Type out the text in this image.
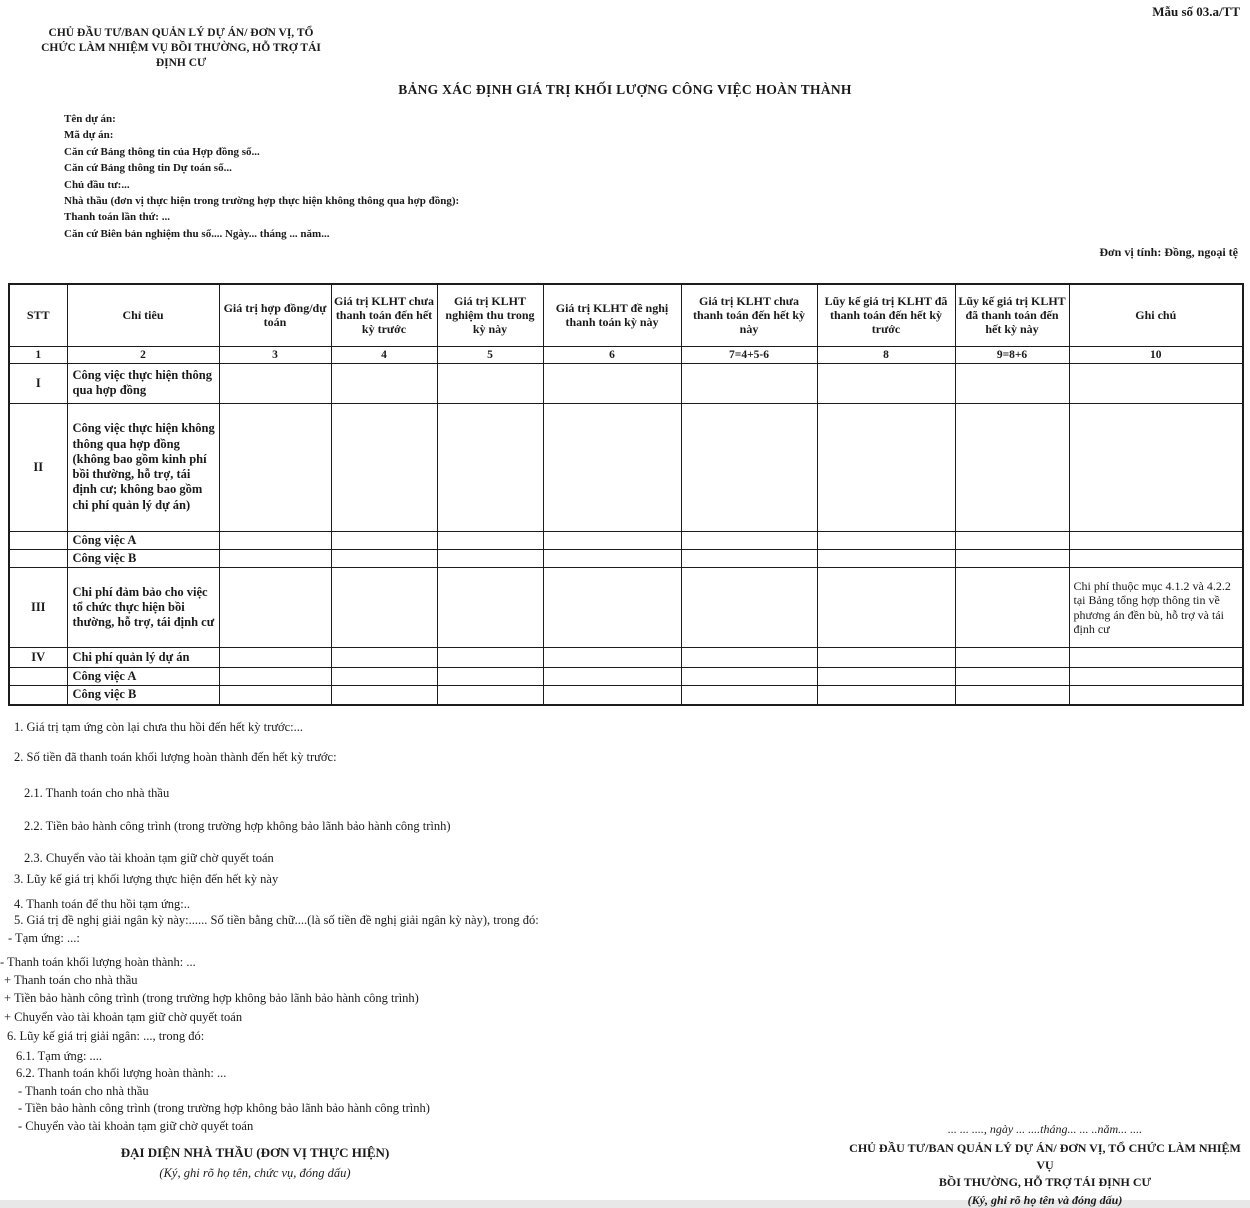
Mẫu số 03.a/TT
CHỦ ĐẦU TƯ/BAN QUẢN LÝ DỰ ÁN/ ĐƠN VỊ, TỔ
CHỨC LÀM NHIỆM VỤ BỒI THƯỜNG, HỖ TRỢ TÁI
ĐỊNH CƯ
BẢNG XÁC ĐỊNH GIÁ TRỊ KHỐI LƯỢNG CÔNG VIỆC HOÀN THÀNH
Tên dự án:
Mã dự án:
Căn cứ Bảng thông tin của Hợp đồng số...
Căn cứ Bảng thông tin Dự toán số...
Chủ đầu tư:...
Nhà thầu (đơn vị thực hiện trong trường hợp thực hiện không thông qua hợp đồng):
Thanh toán lần thứ: ...
Căn cứ Biên bản nghiệm thu số.... Ngày... tháng ... năm...
Đơn vị tính: Đồng, ngoại tệ
STT	Chỉ tiêu	Giá trị hợp đồng/dự toán	Giá trị KLHT chưa thanh toán đến hết kỳ trước	Giá trị KLHT nghiệm thu trong kỳ này	Giá trị KLHT đề nghị thanh toán kỳ này	Giá trị KLHT chưa thanh toán đến hết kỳ này	Lũy kế giá trị KLHT đã thanh toán đến hết kỳ trước	Lũy kế giá trị KLHT đã thanh toán đến hết kỳ này	Ghi chú
1	2	3	4	5	6	7=4+5-6	8	9=8+6	10
I	Công việc thực hiện thông qua hợp đồng								
II	Công việc thực hiện không thông qua hợp đồng (không bao gồm kinh phí bồi thường, hỗ trợ, tái định cư; không bao gồm chi phí quản lý dự án)								
	Công việc A								
	Công việc B								
III	Chi phí đảm bảo cho việc tổ chức thực hiện bồi thường, hỗ trợ, tái định cư								Chi phí thuộc mục 4.1.2 và 4.2.2 tại Bảng tổng hợp thông tin về phương án đền bù, hỗ trợ và tái định cư
IV	Chi phí quản lý dự án								
	Công việc A								
	Công việc B								
1. Giá trị tạm ứng còn lại chưa thu hồi đến hết kỳ trước:...
2. Số tiền đã thanh toán khối lượng hoàn thành đến hết kỳ trước:
2.1. Thanh toán cho nhà thầu
2.2. Tiền bảo hành công trình (trong trường hợp không bảo lãnh bảo hành công trình)
2.3. Chuyển vào tài khoản tạm giữ chờ quyết toán
3. Lũy kế giá trị khối lượng thực hiện đến hết kỳ này
4. Thanh toán để thu hồi tạm ứng:..
5. Giá trị đề nghị giải ngân kỳ này:...... Số tiền bằng chữ....(là số tiền đề nghị giải ngân kỳ này), trong đó:
- Tạm ứng: ...:
- Thanh toán khối lượng hoàn thành: ...
+ Thanh toán cho nhà thầu
+ Tiền bảo hành công trình (trong trường hợp không bảo lãnh bảo hành công trình)
+ Chuyển vào tài khoản tạm giữ chờ quyết toán
6. Lũy kế giá trị giải ngân: ..., trong đó:
6.1. Tạm ứng: ....
6.2. Thanh toán khối lượng hoàn thành: ...
- Thanh toán cho nhà thầu
- Tiền bảo hành công trình (trong trường hợp không bảo lãnh bảo hành công trình)
- Chuyển vào tài khoản tạm giữ chờ quyết toán
ĐẠI DIỆN NHÀ THẦU (ĐƠN VỊ THỰC HIỆN)
(Ký, ghi rõ họ tên, chức vụ, đóng dấu)
... ... ...., ngày ... ....tháng... ... ..năm... ....
CHỦ ĐẦU TƯ/BAN QUẢN LÝ DỰ ÁN/ ĐƠN VỊ, TỔ CHỨC LÀM NHIỆM VỤ
BỒI THƯỜNG, HỖ TRỢ TÁI ĐỊNH CƯ
(Ký, ghi rõ họ tên và đóng dấu)
